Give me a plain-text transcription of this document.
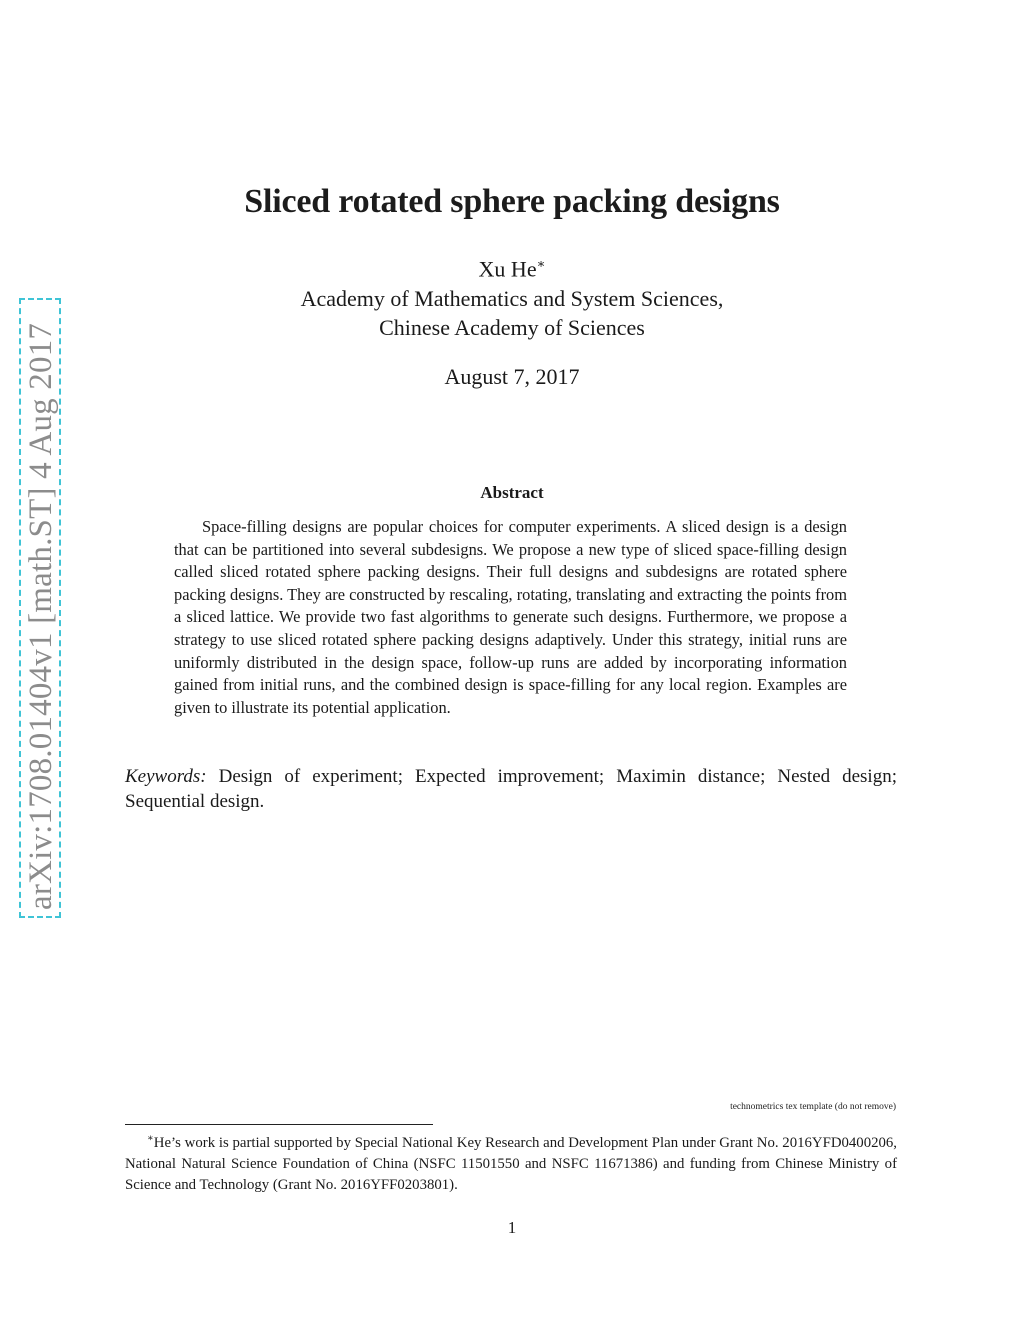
arXiv:1708.01404v1 [math.ST] 4 Aug 2017
Sliced rotated sphere packing designs
Xu He∗
Academy of Mathematics and System Sciences,
Chinese Academy of Sciences
August 7, 2017
Abstract
Space-filling designs are popular choices for computer experiments. A sliced design is a design that can be partitioned into several subdesigns. We propose a new type of sliced space-filling design called sliced rotated sphere packing designs. Their full designs and subdesigns are rotated sphere packing designs. They are constructed by rescaling, rotating, translating and extracting the points from a sliced lattice. We provide two fast algorithms to generate such designs. Furthermore, we propose a strategy to use sliced rotated sphere packing designs adaptively. Under this strategy, initial runs are uniformly distributed in the design space, follow-up runs are added by incorporating information gained from initial runs, and the combined design is space-filling for any local region. Examples are given to illustrate its potential application.
Keywords: Design of experiment; Expected improvement; Maximin distance; Nested design; Sequential design.
technometrics tex template (do not remove)
∗He’s work is partial supported by Special National Key Research and Development Plan under Grant No. 2016YFD0400206, National Natural Science Foundation of China (NSFC 11501550 and NSFC 11671386) and funding from Chinese Ministry of Science and Technology (Grant No. 2016YFF0203801).
1
